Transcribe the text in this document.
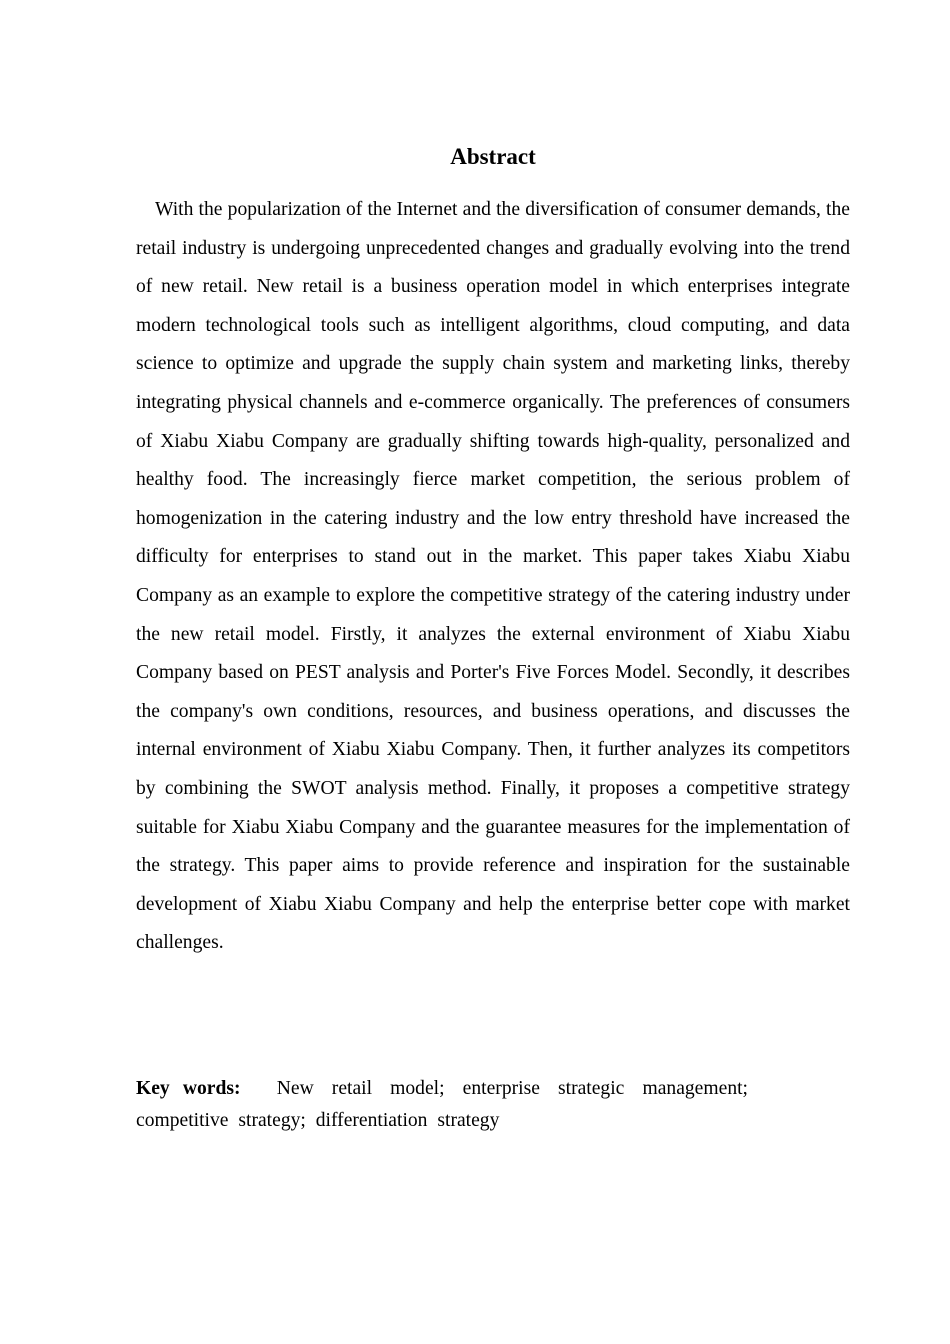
Abstract

With the popularization of the Internet and the diversification of consumer demands, the retail industry is undergoing unprecedented changes and gradually evolving into the trend of new retail. New retail is a business operation model in which enterprises integrate modern technological tools such as intelligent algorithms, cloud computing, and data science to optimize and upgrade the supply chain system and marketing links, thereby integrating physical channels and e-commerce organically. The preferences of consumers of Xiabu Xiabu Company are gradually shifting towards high-quality, personalized and healthy food. The increasingly fierce market competition, the serious problem of homogenization in the catering industry and the low entry threshold have increased the difficulty for enterprises to stand out in the market. This paper takes Xiabu Xiabu Company as an example to explore the competitive strategy of the catering industry under the new retail model. Firstly, it analyzes the external environment of Xiabu Xiabu Company based on PEST analysis and Porter's Five Forces Model. Secondly, it describes the company's own conditions, resources, and business operations, and discusses the internal environment of Xiabu Xiabu Company. Then, it further analyzes its competitors by combining the SWOT analysis method. Finally, it proposes a competitive strategy suitable for Xiabu Xiabu Company and the guarantee measures for the implementation of the strategy. This paper aims to provide reference and inspiration for the sustainable development of Xiabu Xiabu Company and help the enterprise better cope with market challenges.

Key words: New retail model; enterprise strategic management; competitive strategy; differentiation strategy
